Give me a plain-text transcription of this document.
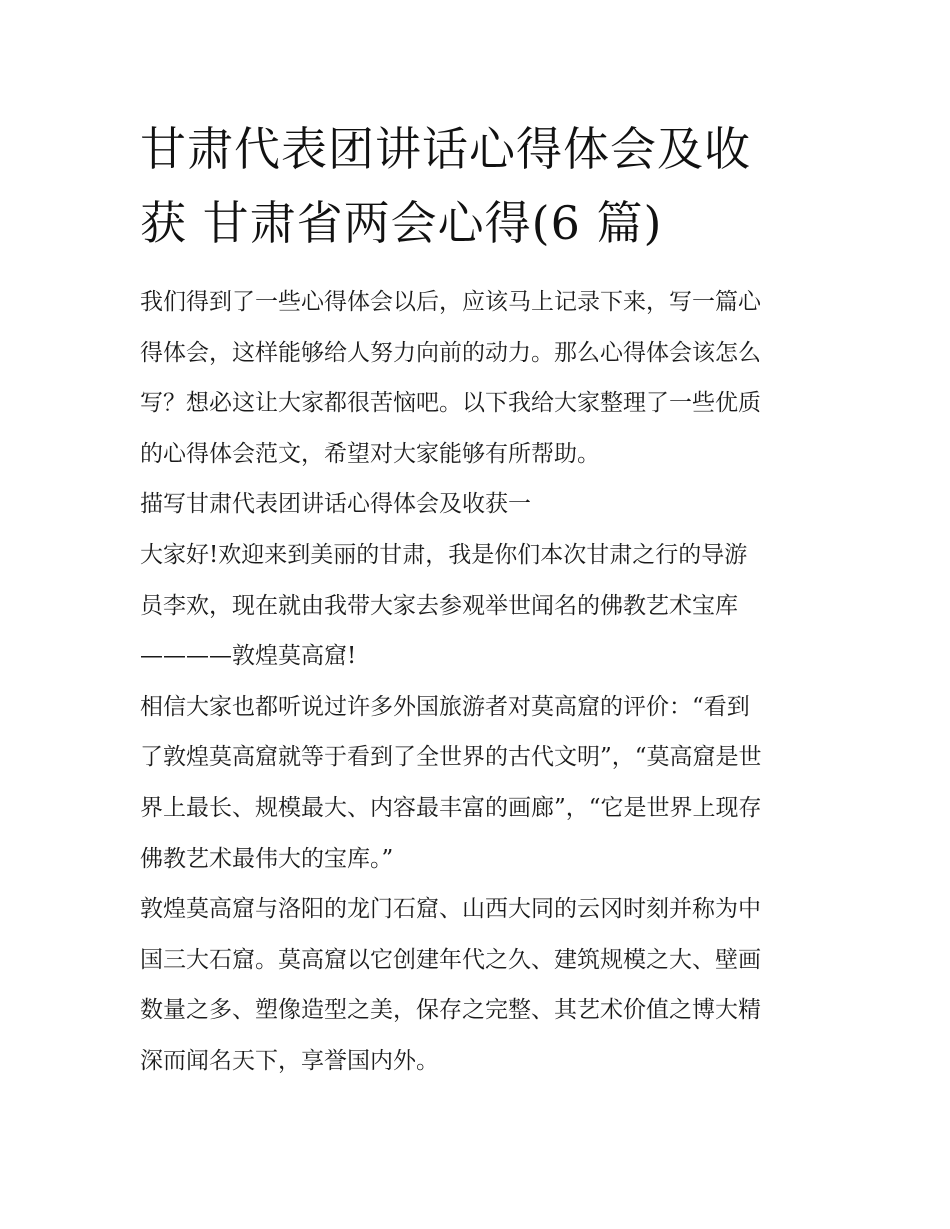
甘肃代表团讲话心得体会及收
获 甘肃省两会心得(6 篇)

我们得到了一些心得体会以后，应该马上记录下来，写一篇心
得体会，这样能够给人努力向前的动力。那么心得体会该怎么
写？想必这让大家都很苦恼吧。以下我给大家整理了一些优质
的心得体会范文，希望对大家能够有所帮助。

描写甘肃代表团讲话心得体会及收获一

大家好!欢迎来到美丽的甘肃，我是你们本次甘肃之行的导游
员李欢，现在就由我带大家去参观举世闻名的佛教艺术宝库
————敦煌莫高窟!

相信大家也都听说过许多外国旅游者对莫高窟的评价：“看到
了敦煌莫高窟就等于看到了全世界的古代文明”，“莫高窟是世
界上最长、规模最大、内容最丰富的画廊”，“它是世界上现存
佛教艺术最伟大的宝库。”

敦煌莫高窟与洛阳的龙门石窟、山西大同的云冈时刻并称为中
国三大石窟。莫高窟以它创建年代之久、建筑规模之大、壁画
数量之多、塑像造型之美，保存之完整、其艺术价值之博大精
深而闻名天下，享誉国内外。
